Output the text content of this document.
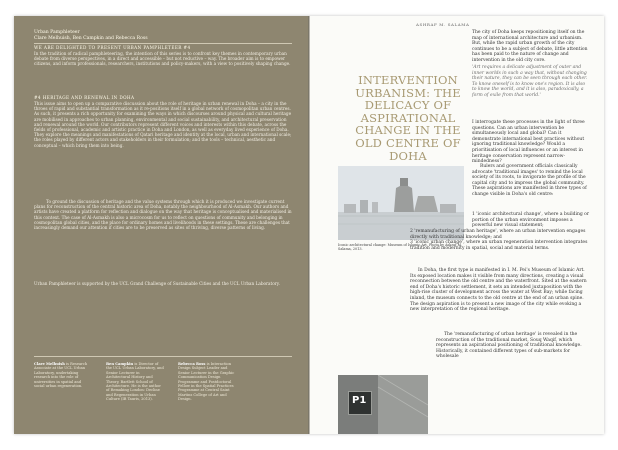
Urban Pamphleteer
Clare Melhuish, Ben Campkin and Rebecca Ross

WE ARE DELIGHTED TO PRESENT URBAN PAMPHLETEER #4

In the tradition of radical pamphleteering, the intention of this series is to confront key themes in contemporary urban debate from diverse perspectives, in a direct and accessible – but not reductive – way. The broader aim is to empower citizens, and inform professionals, researchers, institutions and policy-makers, with a view to positively shaping change.

#4 HERITAGE AND RENEWAL IN DOHA

This issue aims to open up a comparative discussion about the role of heritage in urban renewal in Doha – a city in the throes of rapid and substantial transformation as it re-positions itself in a global network of cosmopolitan urban centres. As such, it presents a rich opportunity for examining the ways in which discourses around physical and cultural heritage are mobilised in approaches to urban planning, environmental and social sustainability, and architectural preservation and renewal around the world. Our contributors represent different voices and interests within this debate, across the fields of professional, academic and artistic practice in Doha and London, as well as everyday lived experience of Doha. They explore the meanings and manifestations of Qatari heritage and identity at the local, urban and international scale; the roles played by different actors and stakeholders in their formulation; and the tools – technical, aesthetic and conceptual – which bring them into being.

To ground the discussion of heritage and the value systems through which it is produced we investigate current plans for reconstruction of the central historic area of Doha, notably the neighbourhood of Al-Asmakh. Our authors and artists have created a platform for reflection and dialogue on the way that heritage is conceptualised and materialised in this context. The case of Al-Asmakh is also a microcosm for us to reflect on questions of community and belonging in cosmopolitan global cities, and the place for ordinary homes and livelihoods in these settings. These are challenges that increasingly demand our attention if cities are to be preserved as sites of thriving, diverse patterns of living.

Urban Pamphleteer is supported by the UCL Grand Challenge of Sustainable Cities and the UCL Urban Laboratory.

Clare Melhuish is Research Associate at the UCL Urban Laboratory, undertaking research into the role of universities in spatial and social urban regeneration.
Ben Campkin is Director of the UCL Urban Laboratory, and Senior Lecturer in Architectural History and Theory, Bartlett School of Architecture. He is the author of Remaking London: Decline and Regeneration in Urban Culture (IB Tauris, 2013).
Rebecca Ross is Interaction Design Subject Leader and Senior Lecturer in the Graphic Communication Design Programme and Postdoctoral Fellow in the Spatial Practices Programme at Central Saint Martins College of Art and Design.
ASHRAF M. SALAMA

The city of Doha keeps repositioning itself on the map of international architecture and urbanism. But, while the rapid urban growth of the city continues to be a subject of debate, little attention has been paid to the nature of change and intervention in the old city core.

INTERVENTION URBANISM: THE DELICACY OF ASPIRATIONAL CHANGE IN THE OLD CENTRE OF DOHA

'Art requires a delicate adjustment of outer and inner worlds in such a way that, without changing their nature, they can be seen through each other. To know oneself is to know one's region. It is also to know the world, and it is also, paradoxically, a form of exile from that world.'

I interrogate these processes in the light of three questions. Can an urban intervention be simultaneously local and global? Can it demonstrate international best practices without ignoring traditional knowledge? Would a prioritisation of local influences or an interest in heritage conservation represent narrow-mindedness?

Rulers and government officials classically advocate 'traditional images' to remind the local society of its roots, to invigorate the profile of the capital city and to impress the global community. These aspirations are manifested in three types of change visible in Doha's old centre:

Iconic architectural change: Museum of Islamic Art. Photo by Ashraf M. Salama, 2013.
1 'iconic architectural change', where a building or portion of the urban environment imposes a powerful new visual statement;
2 'remanufacturing of urban heritage', where an urban intervention engages directly with traditional knowledge; and
3 'iconic urban change', where an urban regeneration intervention integrates tradition and modernity in spatial, social and material terms.

In Doha, the first type is manifested in I. M. Pei's Museum of Islamic Art. Its exposed location makes it visible from many directions, creating a visual reconnection between the old centre and the waterfront. Sited at the eastern end of Doha's historic settlement, it sets an intended juxtaposition with the high-rise cluster of development across the water at West Bay; while facing inland, the museum connects to the old centre at the end of an urban spine. The design aspiration is to present a new image of the city while evoking a new interpretation of the regional heritage.

The 'remanufacturing of urban heritage' is revealed in the reconstruction of the traditional market, Souq Waqif, which represents an aspirational positioning of traditional knowledge. Historically, it contained different types of sub-markets for wholesale

P1
